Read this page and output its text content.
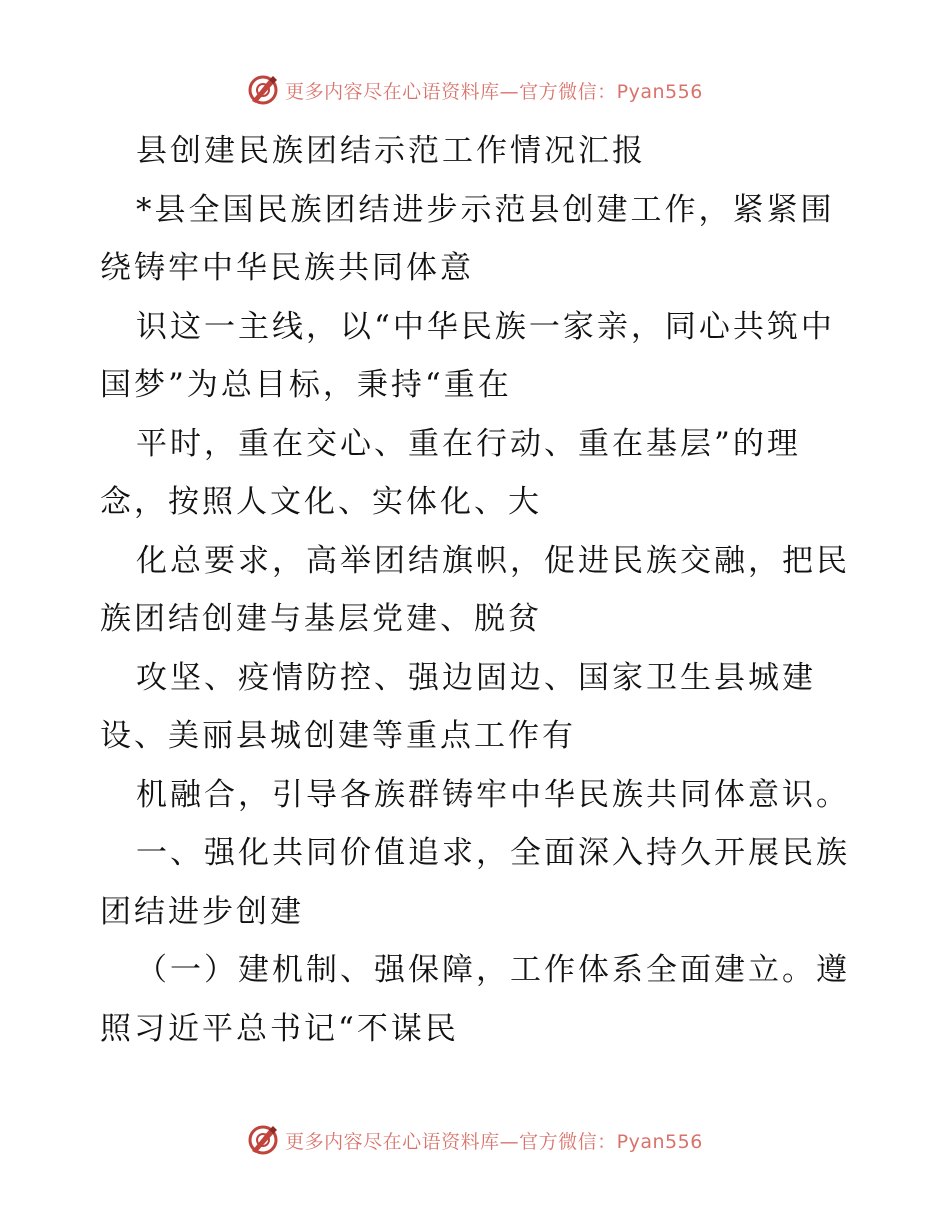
更多内容尽在心语资料库—官方微信：Pyan556
县创建民族团结示范工作情况汇报
*县全国民族团结进步示范县创建工作，紧紧围
绕铸牢中华民族共同体意
识这一主线，以“中华民族一家亲，同心共筑中
国梦”为总目标，秉持“重在
平时，重在交心、重在行动、重在基层”的理
念，按照人文化、实体化、大
化总要求，高举团结旗帜，促进民族交融，把民
族团结创建与基层党建、脱贫
攻坚、疫情防控、强边固边、国家卫生县城建
设、美丽县城创建等重点工作有
机融合，引导各族群铸牢中华民族共同体意识。
一、强化共同价值追求，全面深入持久开展民族
团结进步创建
（一）建机制、强保障，工作体系全面建立。遵
照习近平总书记“不谋民
更多内容尽在心语资料库—官方微信：Pyan556
